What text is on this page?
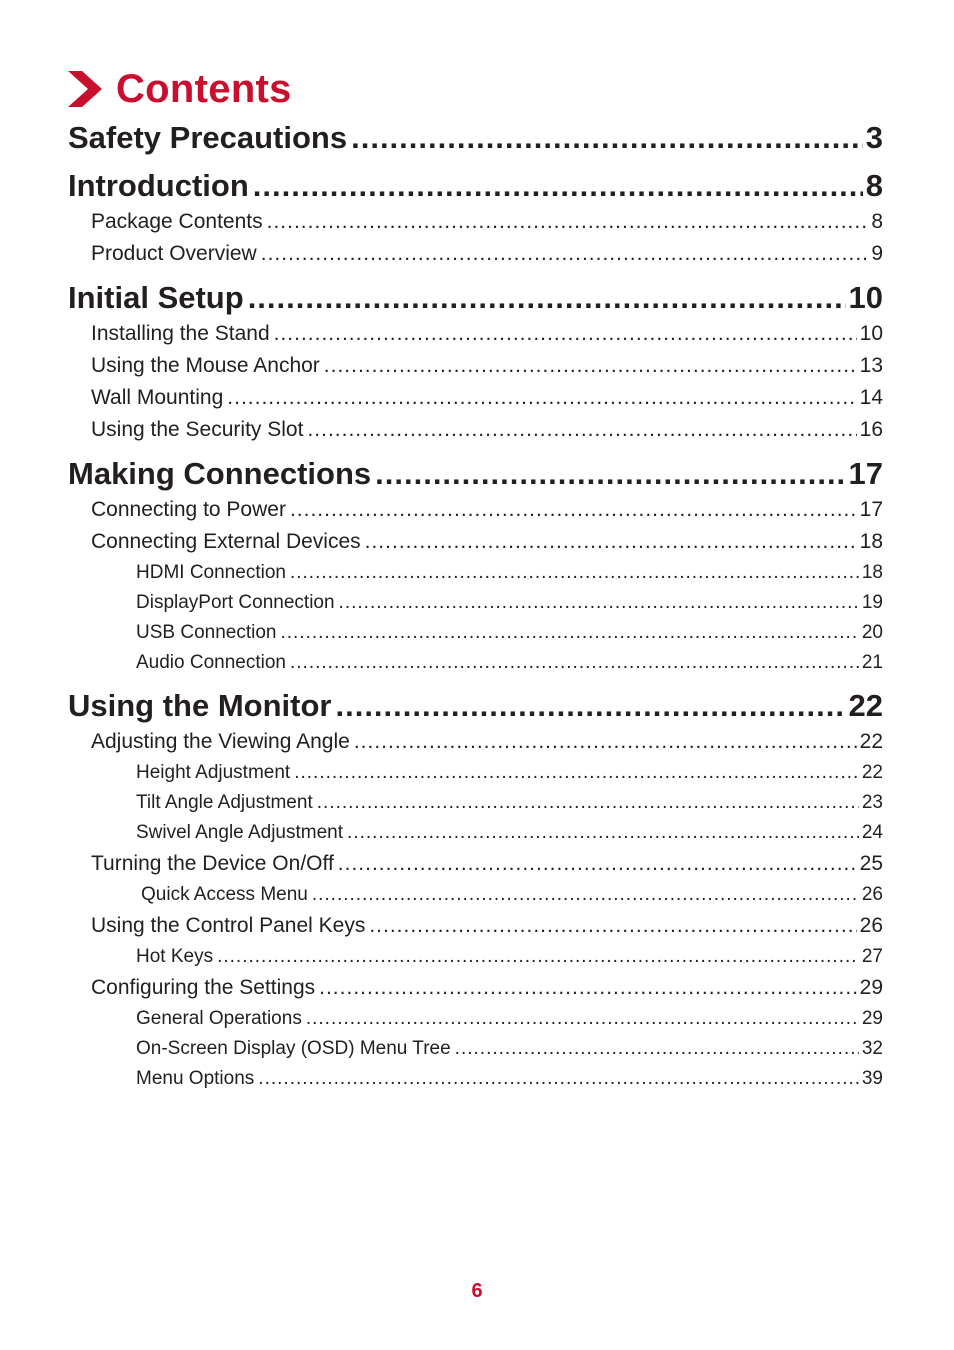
Contents
Safety Precautions .....	3
Introduction .....	8
Package Contents .....	8
Product Overview .....	9
Initial Setup .....	10
Installing the Stand .....	10
Using the Mouse Anchor .....	13
Wall Mounting .....	14
Using the Security Slot .....	16
Making Connections .....	17
Connecting to Power .....	17
Connecting External Devices .....	18
HDMI Connection .....	18
DisplayPort Connection .....	19
USB Connection .....	20
Audio Connection .....	21
Using the Monitor .....	22
Adjusting the Viewing Angle .....	22
Height Adjustment .....	22
Tilt Angle Adjustment .....	23
Swivel Angle Adjustment .....	24
Turning the Device On/Off .....	25
Quick Access Menu .....	26
Using the Control Panel Keys .....	26
Hot Keys .....	27
Configuring the Settings .....	29
General Operations .....	29
On-Screen Display (OSD) Menu Tree .....	32
Menu Options .....	39
6
